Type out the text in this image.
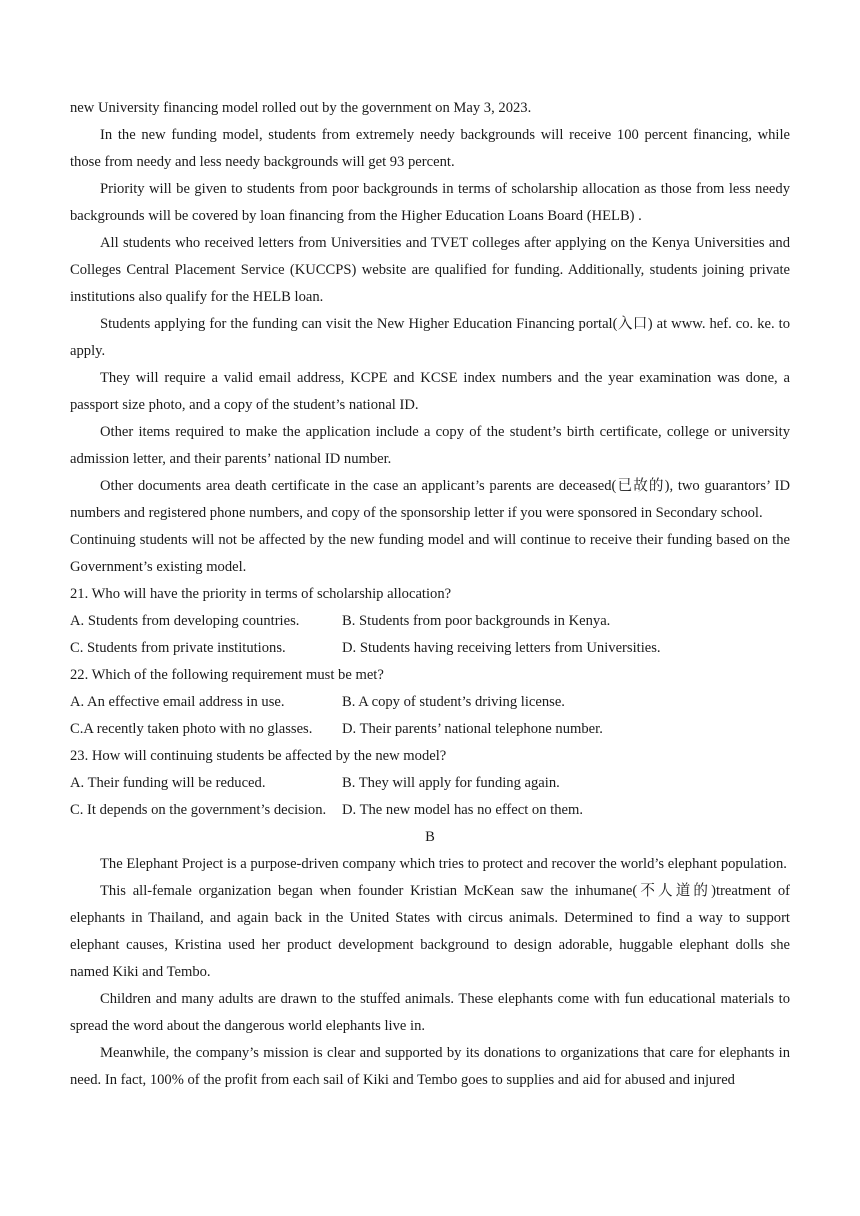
new University financing model rolled out by the government on May 3, 2023.

In the new funding model, students from extremely needy backgrounds will receive 100 percent financing, while those from needy and less needy backgrounds will get 93 percent.

Priority will be given to students from poor backgrounds in terms of scholarship allocation as those from less needy backgrounds will be covered by loan financing from the Higher Education Loans Board (HELB) .

All students who received letters from Universities and TVET colleges after applying on the Kenya Universities and Colleges Central Placement Service (KUCCPS) website are qualified for funding. Additionally, students joining private institutions also qualify for the HELB loan.

Students applying for the funding can visit the New Higher Education Financing portal(入口) at www. hef. co. ke. to apply.

They will require a valid email address, KCPE and KCSE index numbers and the year examination was done, a passport size photo, and a copy of the student’s national ID.

Other items required to make the application include a copy of the student’s birth certificate, college or university admission letter, and their parents’ national ID number.

Other documents area death certificate in the case an applicant’s parents are deceased(已故的), two guarantors’ ID numbers and registered phone numbers, and copy of the sponsorship letter if you were sponsored in Secondary school.

Continuing students will not be affected by the new funding model and will continue to receive their funding based on the Government’s existing model.

21. Who will have the priority in terms of scholarship allocation?

A. Students from developing countries.	B. Students from poor backgrounds in Kenya.
C. Students from private institutions.	D. Students having receiving letters from Universities.

22. Which of the following requirement must be met?

A. An effective email address in use.	B. A copy of student’s driving license.
C.A recently taken photo with no glasses.	D. Their parents’ national telephone number.

23. How will continuing students be affected by the new model?

A. Their funding will be reduced.	B. They will apply for funding again.
C. It depends on the government’s decision.	D. The new model has no effect on them.

B

The Elephant Project is a purpose-driven company which tries to protect and recover the world’s elephant population.

This all-female organization began when founder Kristian McKean saw the inhumane(不人道的)treatment of elephants in Thailand, and again back in the United States with circus animals. Determined to find a way to support elephant causes, Kristina used her product development background to design adorable, huggable elephant dolls she named Kiki and Tembo.

Children and many adults are drawn to the stuffed animals. These elephants come with fun educational materials to spread the word about the dangerous world elephants live in.

Meanwhile, the company’s mission is clear and supported by its donations to organizations that care for elephants in need. In fact, 100% of the profit from each sail of Kiki and Tembo goes to supplies and aid for abused and injured
